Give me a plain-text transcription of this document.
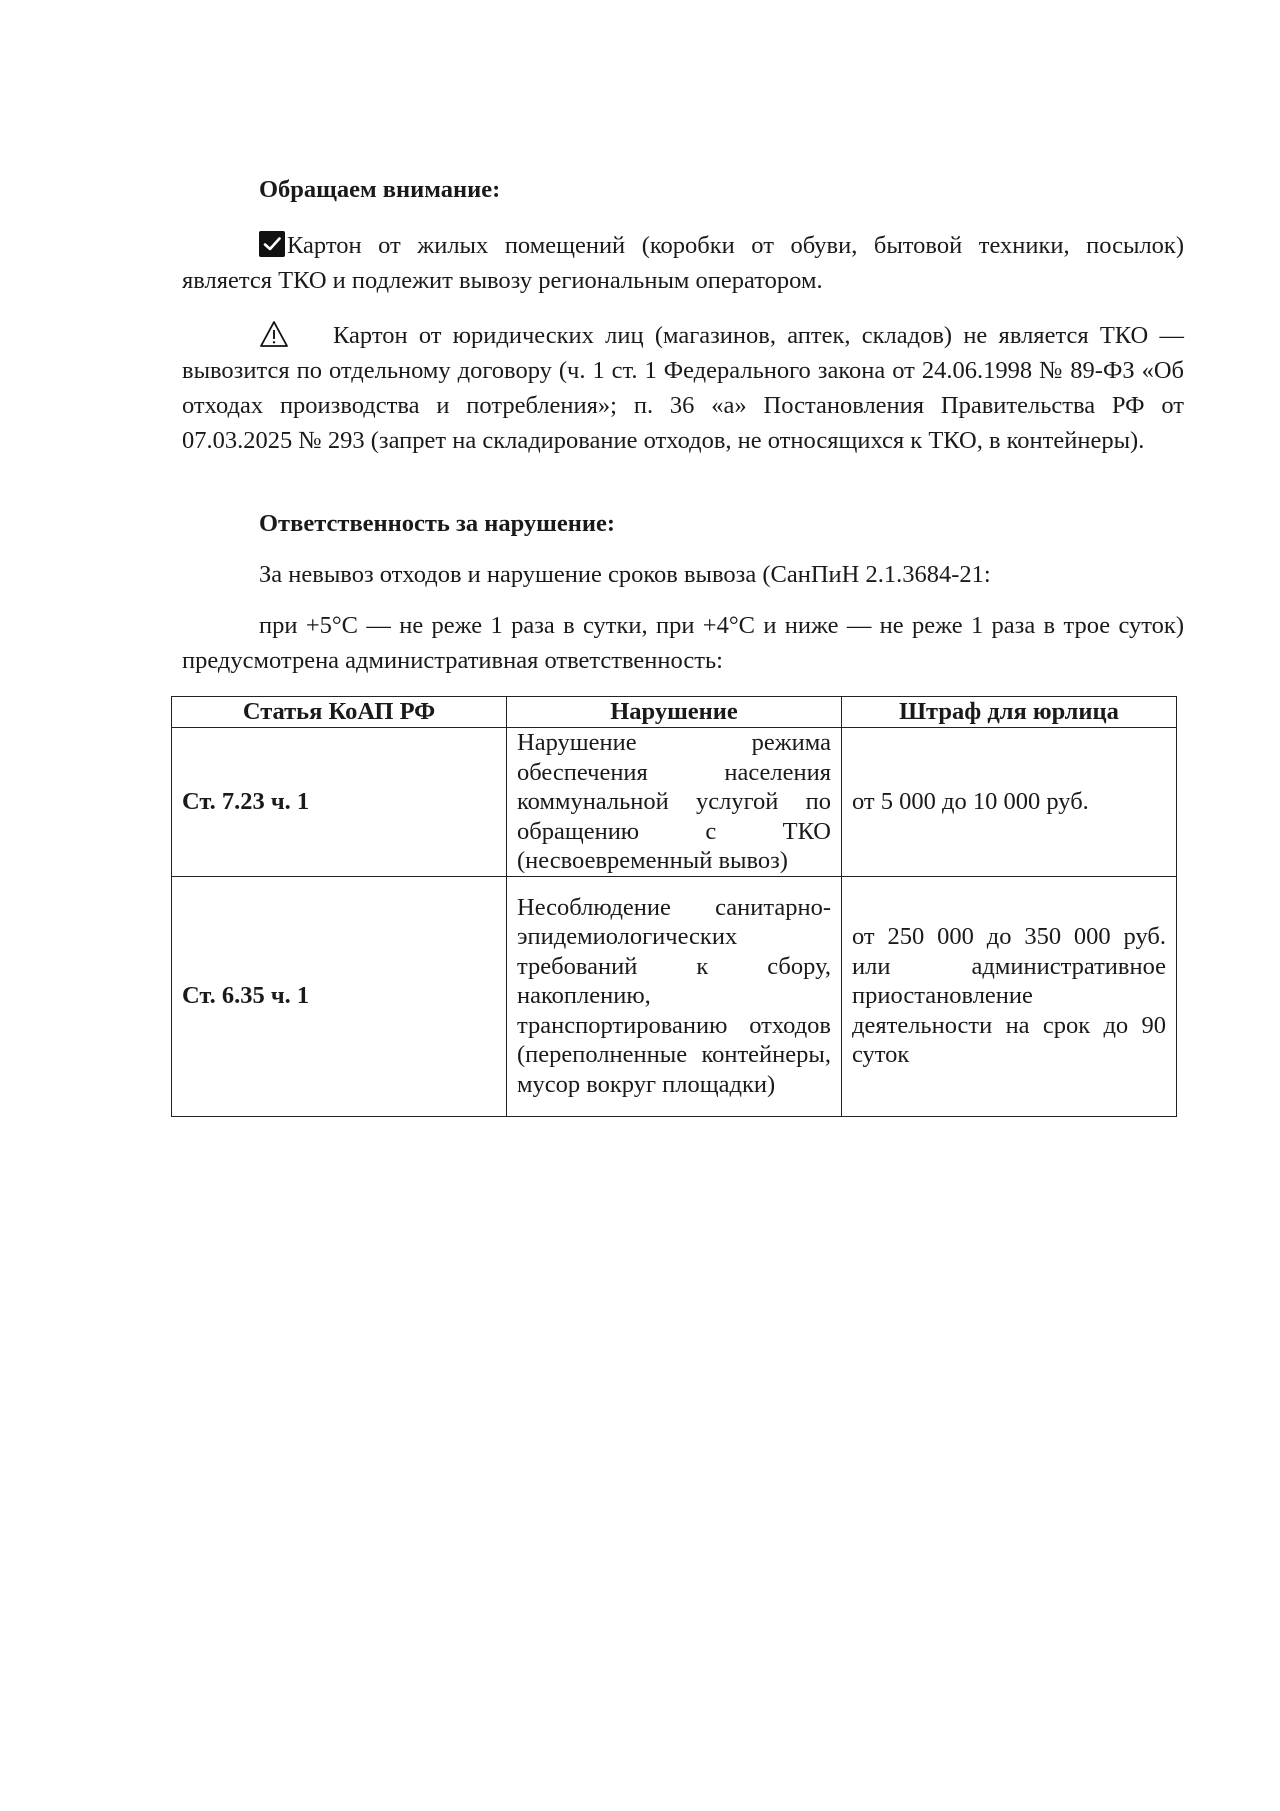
Обращаем внимание:

Картон от жилых помещений (коробки от обуви, бытовой техники, посылок) является ТКО и подлежит вывозу региональным оператором.

Картон от юридических лиц (магазинов, аптек, складов) не является ТКО — вывозится по отдельному договору (ч. 1 ст. 1 Федерального закона от 24.06.1998 № 89-ФЗ «Об отходах производства и потребления»; п. 36 «а» Постановления Правительства РФ от 07.03.2025 № 293 (запрет на складирование отходов, не относящихся к ТКО, в контейнеры).

Ответственность за нарушение:

За невывоз отходов и нарушение сроков вывоза (СанПиН 2.1.3684-21:

при +5°C — не реже 1 раза в сутки, при +4°C и ниже — не реже 1 раза в трое суток) предусмотрена административная ответственность:

Статья КоАП РФ	Нарушение	Штраф для юрлица
Ст. 7.23 ч. 1	Нарушение режима обеспечения населения коммунальной услугой по обращению с ТКО (несвоевременный вывоз)	от 5 000 до 10 000 руб.
Ст. 6.35 ч. 1	Несоблюдение санитарно-эпидемиологических требований к сбору, накоплению, транспортированию отходов (переполненные контейнеры, мусор вокруг площадки)	от 250 000 до 350 000 руб. или административное приостановление деятельности на срок до 90 суток
